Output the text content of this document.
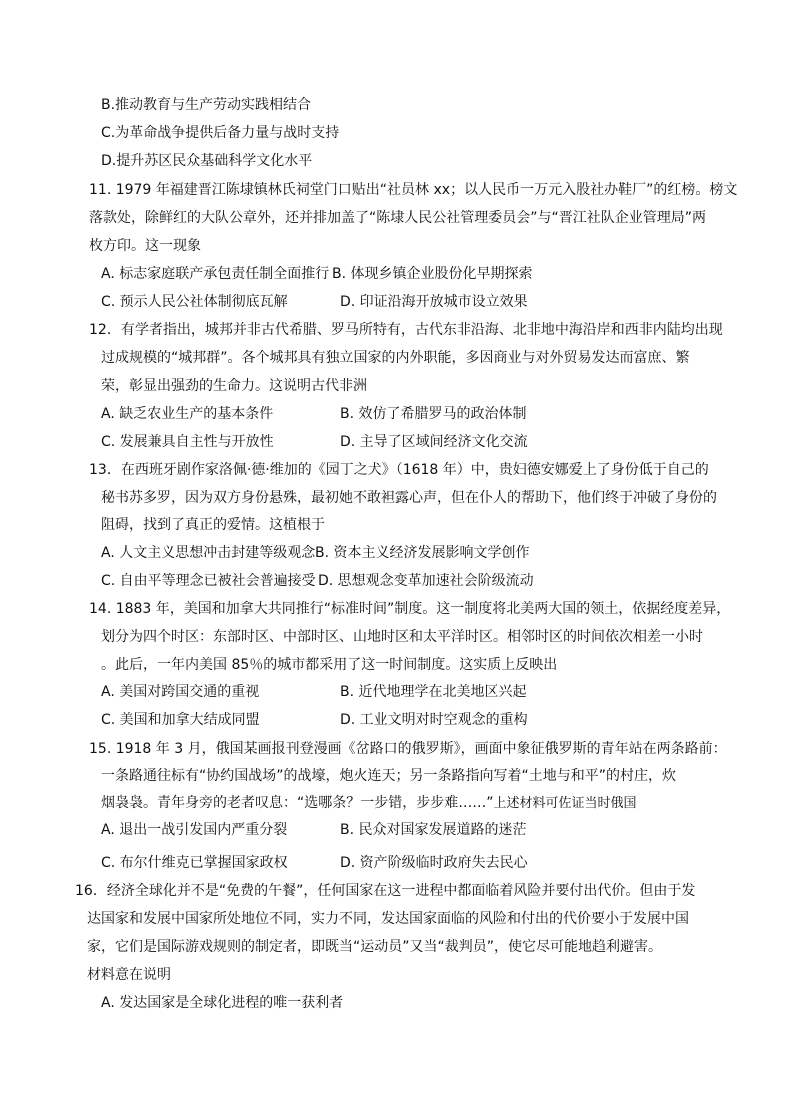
B.推动教育与生产劳动实践相结合
C.为革命战争提供后备力量与战时支持
D.提升苏区民众基础科学文化水平
11. 1979 年福建晋江陈埭镇林氏祠堂门口贴出“社员林 xx；以人民币一万元入股社办鞋厂”的红榜。榜文
落款处，除鲜红的大队公章外，还并排加盖了“陈埭人民公社管理委员会”与“晋江社队企业管理局”两
枚方印。这一现象
A. 标志家庭联产承包责任制全面推行 B. 体现乡镇企业股份化早期探索
C. 预示人民公社体制彻底瓦解	D. 印证沿海开放城市设立效果
12．有学者指出，城邦并非古代希腊、罗马所特有，古代东非沿海、北非地中海沿岸和西非内陆均出现
过成规模的“城邦群”。各个城邦具有独立国家的内外职能，多因商业与对外贸易发达而富庶、繁
荣，彰显出强劲的生命力。这说明古代非洲
A. 缺乏农业生产的基本条件	B. 效仿了希腊罗马的政治体制
C. 发展兼具自主性与开放性	D. 主导了区域间经济文化交流
13．在西班牙剧作家洛佩·德·维加的《园丁之犬》（1618 年）中，贵妇德安娜爱上了身份低于自己的
秘书苏多罗，因为双方身份悬殊，最初她不敢袒露心声，但在仆人的帮助下，他们终于冲破了身份的
阻碍，找到了真正的爱情。这植根于
A. 人文主义思想冲击封建等级观念 B. 资本主义经济发展影响文学创作
C. 自由平等理念已被社会普遍接受 D. 思想观念变革加速社会阶级流动
14. 1883 年，美国和加拿大共同推行“标准时间”制度。这一制度将北美两大国的领土，依据经度差异，
划分为四个时区：东部时区、中部时区、山地时区和太平洋时区。相邻时区的时间依次相差一小时
。此后，一年内美国 85％的城市都采用了这一时间制度。这实质上反映出
A. 美国对跨国交通的重视	B. 近代地理学在北美地区兴起
C. 美国和加拿大结成同盟	D. 工业文明对时空观念的重构
15. 1918 年 3 月，俄国某画报刊登漫画《岔路口的俄罗斯》，画面中象征俄罗斯的青年站在两条路前：
一条路通往标有“协约国战场”的战壕，炮火连天；另一条路指向写着“土地与和平”的村庄，炊
烟袅袅。青年身旁的老者叹息：“选哪条？一步错，步步难……”上述材料可佐证当时俄国
A. 退出一战引发国内严重分裂	B. 民众对国家发展道路的迷茫
C. 布尔什维克已掌握国家政权	D. 资产阶级临时政府失去民心
16．经济全球化并不是“免费的午餐”，任何国家在这一进程中都面临着风险并要付出代价。但由于发
达国家和发展中国家所处地位不同，实力不同，发达国家面临的风险和付出的代价要小于发展中国
家，它们是国际游戏规则的制定者，即既当“运动员”又当“裁判员”，使它尽可能地趋利避害。
材料意在说明
A. 发达国家是全球化进程的唯一获利者
